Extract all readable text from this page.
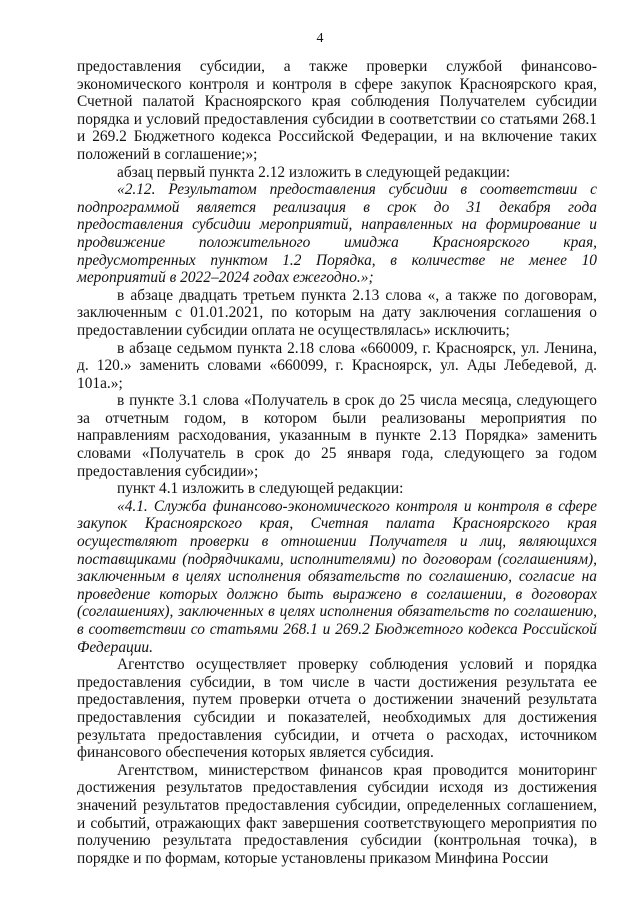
4

предоставления субсидии, а также проверки службой финансово-экономического контроля и контроля в сфере закупок Красноярского края, Счетной палатой Красноярского края соблюдения Получателем субсидии порядка и условий предоставления субсидии в соответствии со статьями 268.1 и 269.2 Бюджетного кодекса Российской Федерации, и на включение таких положений в соглашение;»;

абзац первый пункта 2.12 изложить в следующей редакции:

«2.12. Результатом предоставления субсидии в соответствии с подпрограммой является реализация в срок до 31 декабря года предоставления субсидии мероприятий, направленных на формирование и продвижение положительного имиджа Красноярского края, предусмотренных пунктом 1.2 Порядка, в количестве не менее 10 мероприятий в 2022–2024 годах ежегодно.»;

в абзаце двадцать третьем пункта 2.13 слова «, а также по договорам, заключенным с 01.01.2021, по которым на дату заключения соглашения о предоставлении субсидии оплата не осуществлялась» исключить;

в абзаце седьмом пункта 2.18 слова «660009, г. Красноярск, ул. Ленина, д. 120.» заменить словами «660099, г. Красноярск, ул. Ады Лебедевой, д. 101а.»;

в пункте 3.1 слова «Получатель в срок до 25 числа месяца, следующего за отчетным годом, в котором были реализованы мероприятия по направлениям расходования, указанным в пункте 2.13 Порядка» заменить словами «Получатель в срок до 25 января года, следующего за годом предоставления субсидии»;

пункт 4.1 изложить в следующей редакции:

«4.1. Служба финансово-экономического контроля и контроля в сфере закупок Красноярского края, Счетная палата Красноярского края осуществляют проверки в отношении Получателя и лиц, являющихся поставщиками (подрядчиками, исполнителями) по договорам (соглашениям), заключенным в целях исполнения обязательств по соглашению, согласие на проведение которых должно быть выражено в соглашении, в договорах (соглашениях), заключенных в целях исполнения обязательств по соглашению, в соответствии со статьями 268.1 и 269.2 Бюджетного кодекса Российской Федерации.

Агентство осуществляет проверку соблюдения условий и порядка предоставления субсидии, в том числе в части достижения результата ее предоставления, путем проверки отчета о достижении значений результата предоставления субсидии и показателей, необходимых для достижения результата предоставления субсидии, и отчета о расходах, источником финансового обеспечения которых является субсидия.

Агентством, министерством финансов края проводится мониторинг достижения результатов предоставления субсидии исходя из достижения значений результатов предоставления субсидии, определенных соглашением, и событий, отражающих факт завершения соответствующего мероприятия по получению результата предоставления субсидии (контрольная точка), в порядке и по формам, которые установлены приказом Минфина России
